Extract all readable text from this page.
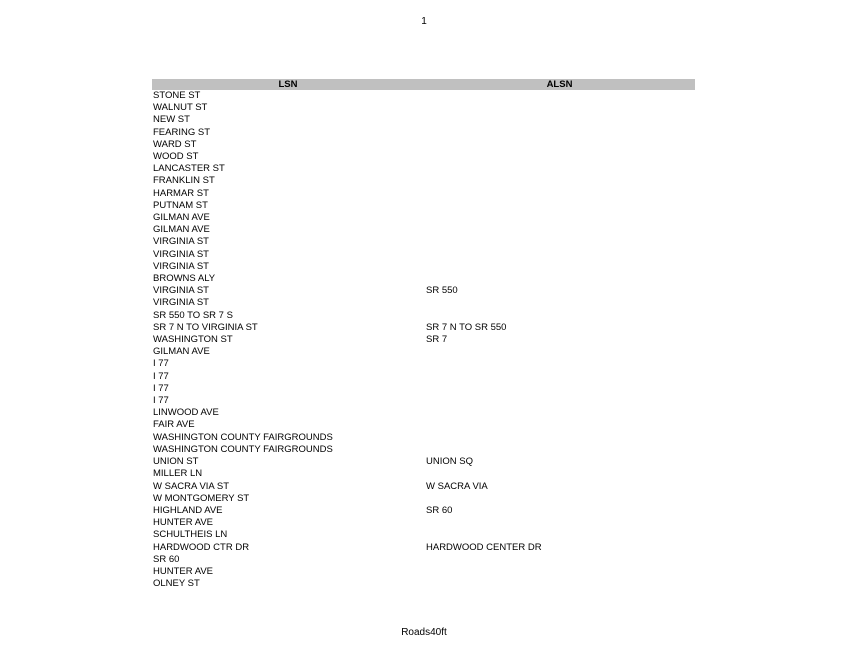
1
LSN	ALSN
STONE ST	
WALNUT ST	
NEW ST	
FEARING ST	
WARD ST	
WOOD ST	
LANCASTER ST	
FRANKLIN ST	
HARMAR ST	
PUTNAM ST	
GILMAN AVE	
GILMAN AVE	
VIRGINIA ST	
VIRGINIA ST	
VIRGINIA ST	
BROWNS ALY	
VIRGINIA ST	SR 550
VIRGINIA ST	
SR 550 TO SR 7 S	
SR 7 N TO VIRGINIA ST	SR 7 N TO SR 550
WASHINGTON ST	SR 7
GILMAN AVE	
I 77	
I 77	
I 77	
I 77	
LINWOOD AVE	
FAIR AVE	
WASHINGTON COUNTY FAIRGROUNDS	
WASHINGTON COUNTY FAIRGROUNDS	
UNION ST	UNION SQ
MILLER LN	
W SACRA VIA ST	W SACRA VIA
W MONTGOMERY ST	
HIGHLAND AVE	SR 60
HUNTER AVE	
SCHULTHEIS LN	
HARDWOOD CTR DR	HARDWOOD CENTER DR
SR 60	
HUNTER AVE	
OLNEY ST	
Roads40ft
